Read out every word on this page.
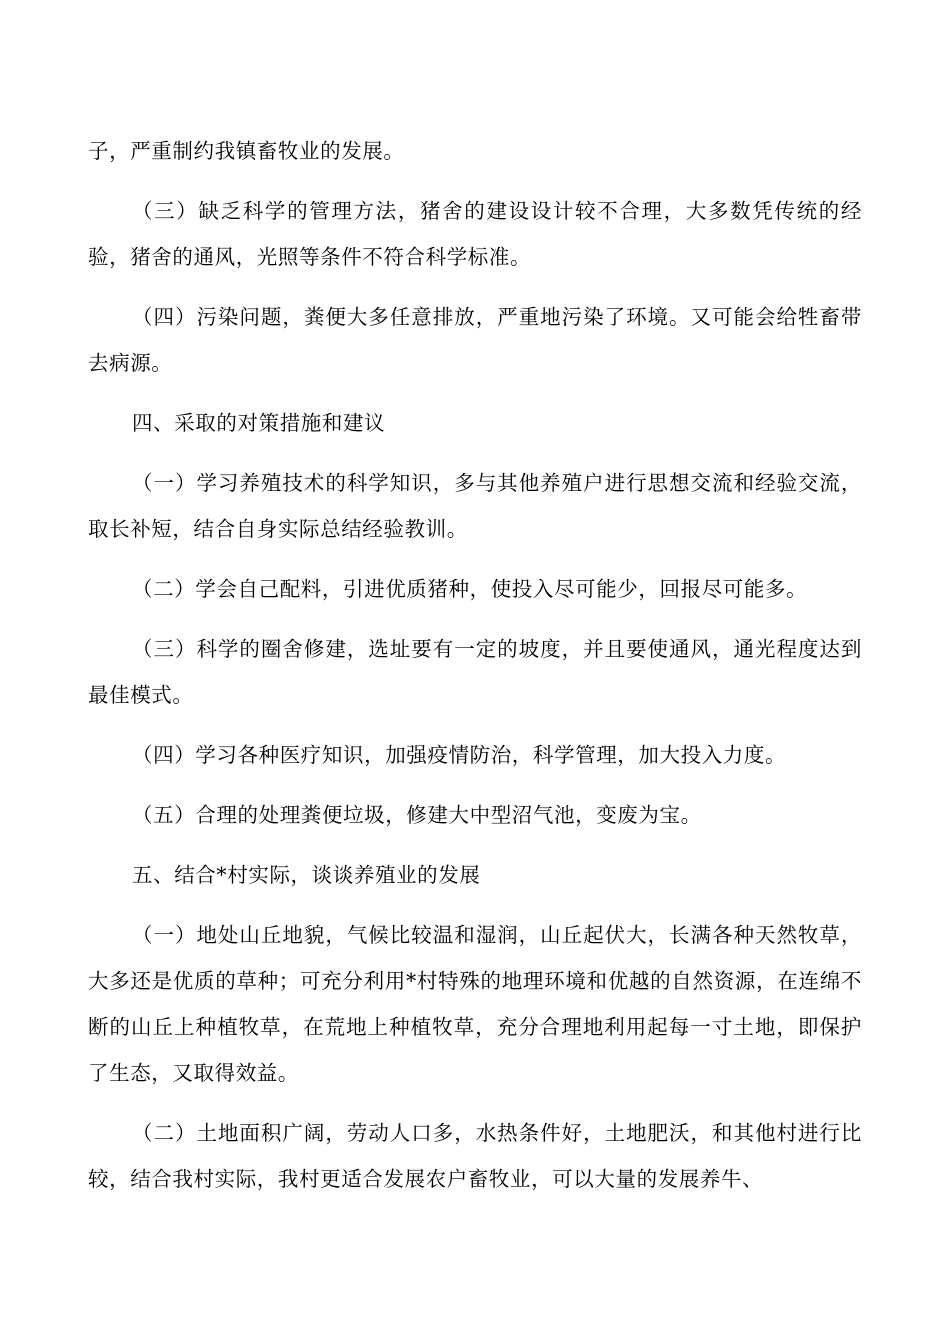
子，严重制约我镇畜牧业的发展。

（三）缺乏科学的管理方法，猪舍的建设设计较不合理，大多数凭传统的经验，猪舍的通风，光照等条件不符合科学标准。

（四）污染问题，粪便大多任意排放，严重地污染了环境。又可能会给牲畜带去病源。

四、采取的对策措施和建议

（一）学习养殖技术的科学知识，多与其他养殖户进行思想交流和经验交流，取长补短，结合自身实际总结经验教训。

（二）学会自己配料，引进优质猪种，使投入尽可能少，回报尽可能多。

（三）科学的圈舍修建，选址要有一定的坡度，并且要使通风，通光程度达到最佳模式。

（四）学习各种医疗知识，加强疫情防治，科学管理，加大投入力度。

（五）合理的处理粪便垃圾，修建大中型沼气池，变废为宝。

五、结合*村实际，谈谈养殖业的发展

（一）地处山丘地貌，气候比较温和湿润，山丘起伏大，长满各种天然牧草，大多还是优质的草种；可充分利用*村特殊的地理环境和优越的自然资源，在连绵不断的山丘上种植牧草，在荒地上种植牧草，充分合理地利用起每一寸土地，即保护了生态，又取得效益。

（二）土地面积广阔，劳动人口多，水热条件好，土地肥沃，和其他村进行比较，结合我村实际，我村更适合发展农户畜牧业，可以大量的发展养牛、
